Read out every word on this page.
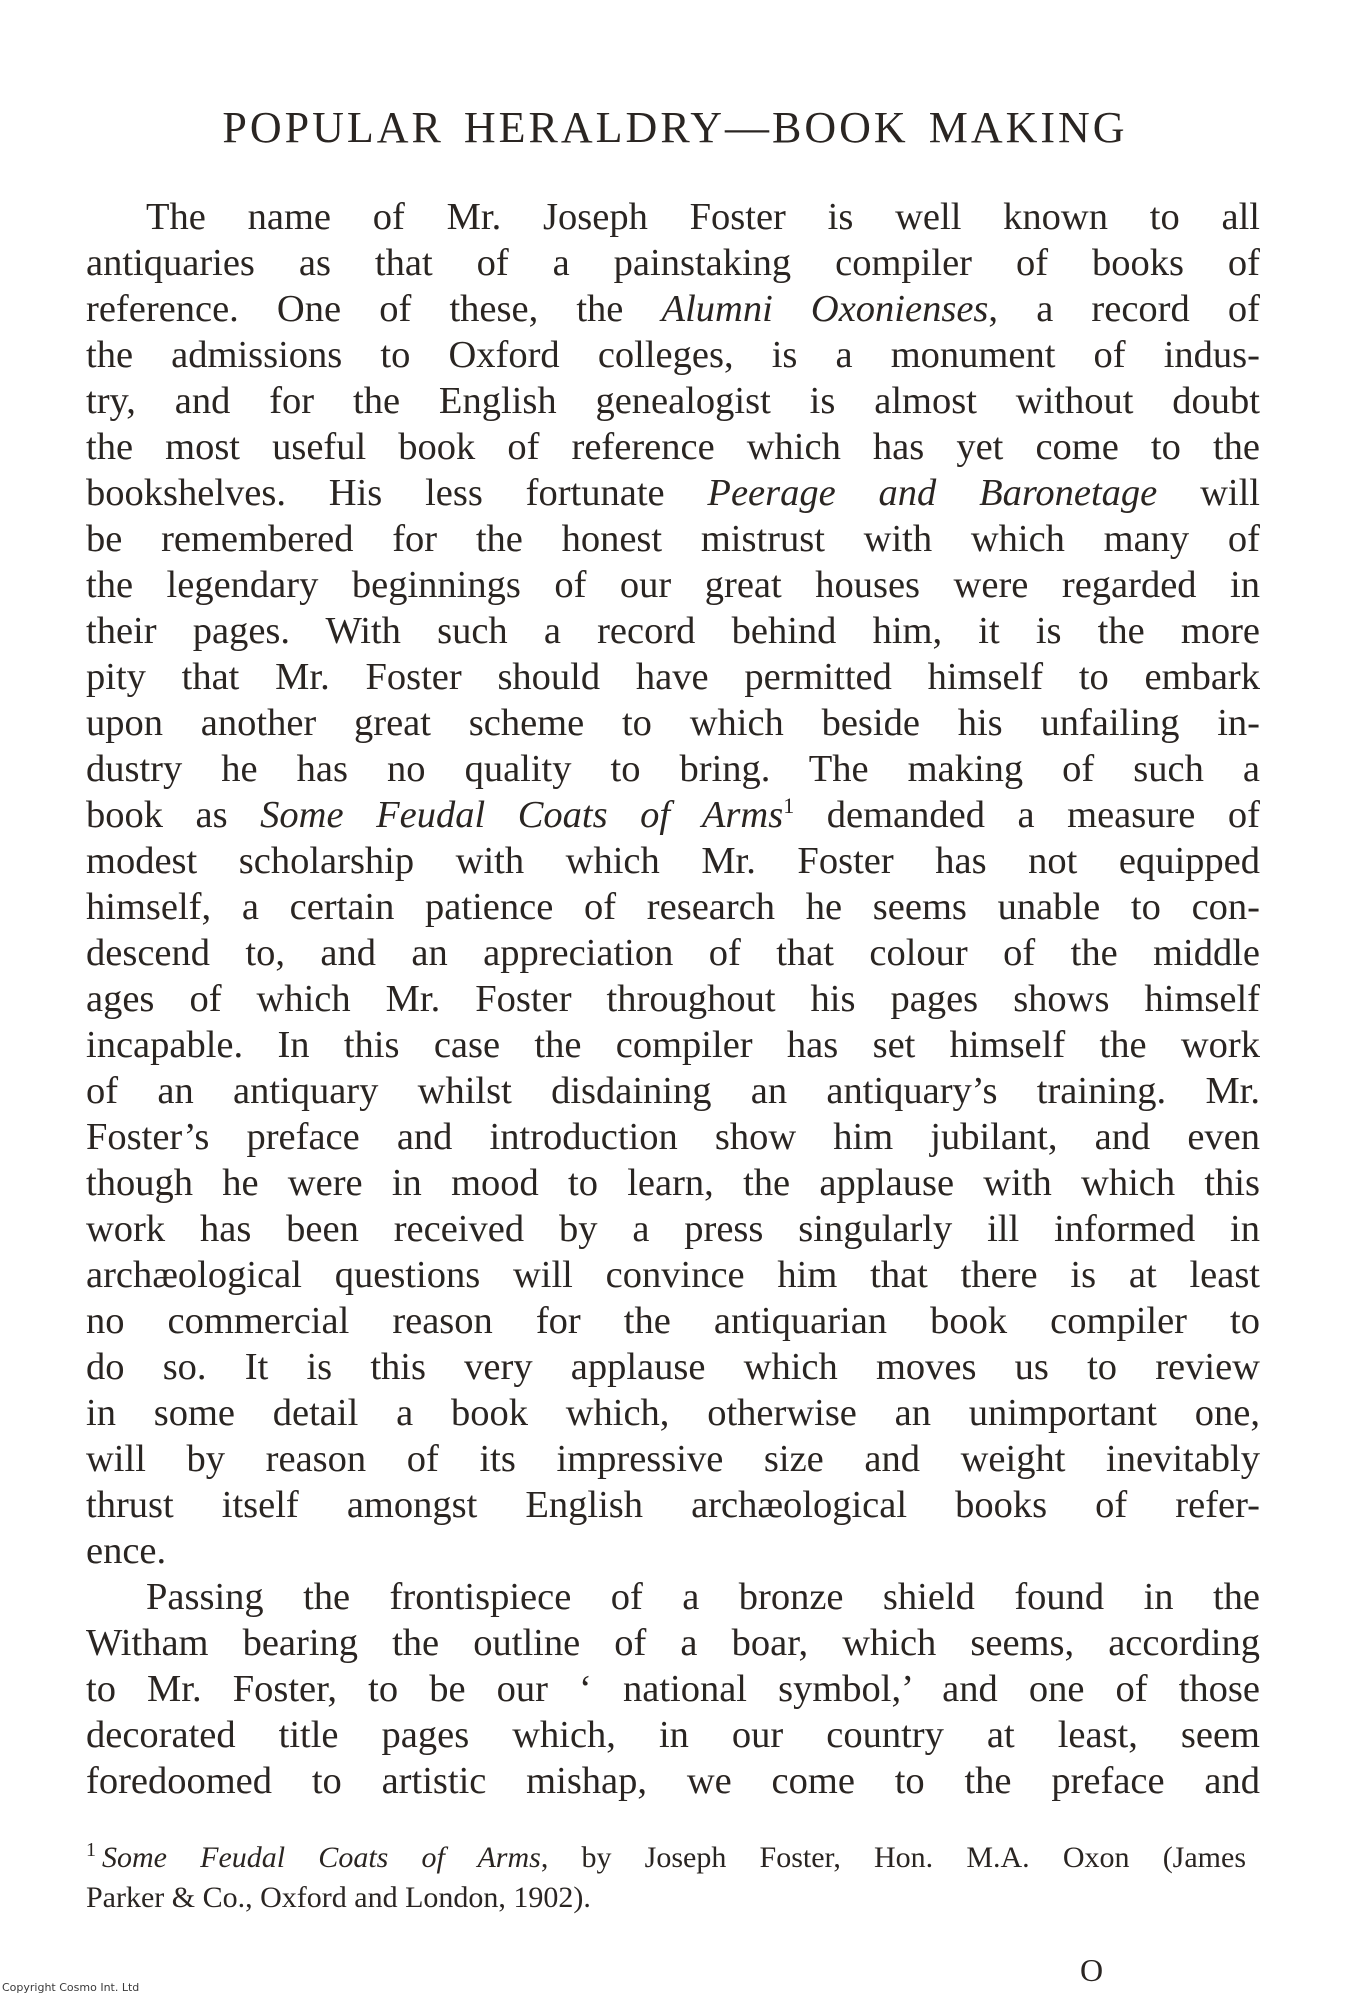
POPULAR HERALDRY—BOOK MAKING
The name of Mr. Joseph Foster is well known to all
antiquaries as that of a painstaking compiler of books of
reference. One of these, the Alumni Oxonienses, a record of
the admissions to Oxford colleges, is a monument of indus-
try, and for the English genealogist is almost without doubt
the most useful book of reference which has yet come to the
bookshelves. His less fortunate Peerage and Baronetage will
be remembered for the honest mistrust with which many of
the legendary beginnings of our great houses were regarded in
their pages. With such a record behind him, it is the more
pity that Mr. Foster should have permitted himself to embark
upon another great scheme to which beside his unfailing in-
dustry he has no quality to bring. The making of such a
book as Some Feudal Coats of Arms$^1$ demanded a measure of
modest scholarship with which Mr. Foster has not equipped
himself, a certain patience of research he seems unable to con-
descend to, and an appreciation of that colour of the middle
ages of which Mr. Foster throughout his pages shows himself
incapable. In this case the compiler has set himself the work
of an antiquary whilst disdaining an antiquary’s training. Mr.
Foster’s preface and introduction show him jubilant, and even
though he were in mood to learn, the applause with which this
work has been received by a press singularly ill informed in
archæological questions will convince him that there is at least
no commercial reason for the antiquarian book compiler to
do so. It is this very applause which moves us to review
in some detail a book which, otherwise an unimportant one,
will by reason of its impressive size and weight inevitably
thrust itself amongst English archæological books of refer-
ence.
Passing the frontispiece of a bronze shield found in the
Witham bearing the outline of a boar, which seems, according
to Mr. Foster, to be our ‘ national symbol,’ and one of those
decorated title pages which, in our country at least, seem
foredoomed to artistic mishap, we come to the preface and
$^1$ Some Feudal Coats of Arms, by Joseph Foster, Hon. M.A. Oxon (James
Parker & Co., Oxford and London, 1902).
O
Copyright Cosmo Int. Ltd
